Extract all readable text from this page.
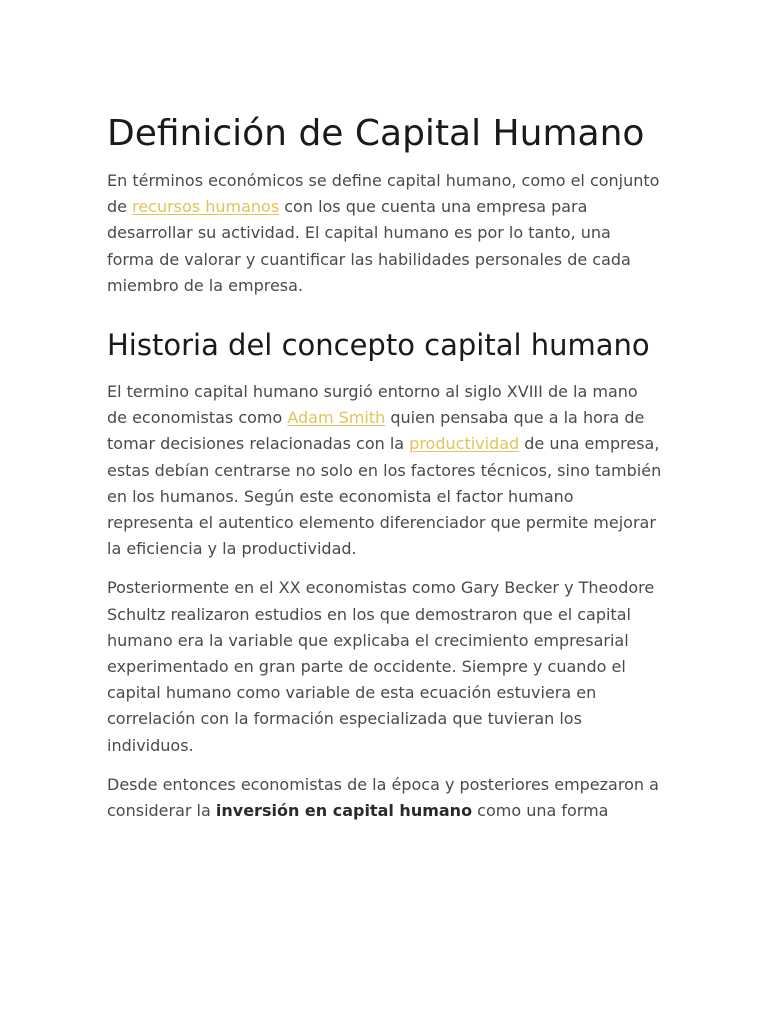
Definición de Capital Humano

En términos económicos se define capital humano, como el conjunto de recursos humanos con los que cuenta una empresa para desarrollar su actividad. El capital humano es por lo tanto, una forma de valorar y cuantificar las habilidades personales de cada miembro de la empresa.

Historia del concepto capital humano

El termino capital humano surgió entorno al siglo XVIII de la mano de economistas como Adam Smith quien pensaba que a la hora de tomar decisiones relacionadas con la productividad de una empresa, estas debían centrarse no solo en los factores técnicos, sino también en los humanos. Según este economista el factor humano representa el autentico elemento diferenciador que permite mejorar la eficiencia y la productividad.

Posteriormente en el XX economistas como Gary Becker y Theodore Schultz realizaron estudios en los que demostraron que el capital humano era la variable que explicaba el crecimiento empresarial experimentado en gran parte de occidente. Siempre y cuando el capital humano como variable de esta ecuación estuviera en correlación con la formación especializada que tuvieran los individuos.

Desde entonces economistas de la época y posteriores empezaron a considerar la inversión en capital humano como una forma
